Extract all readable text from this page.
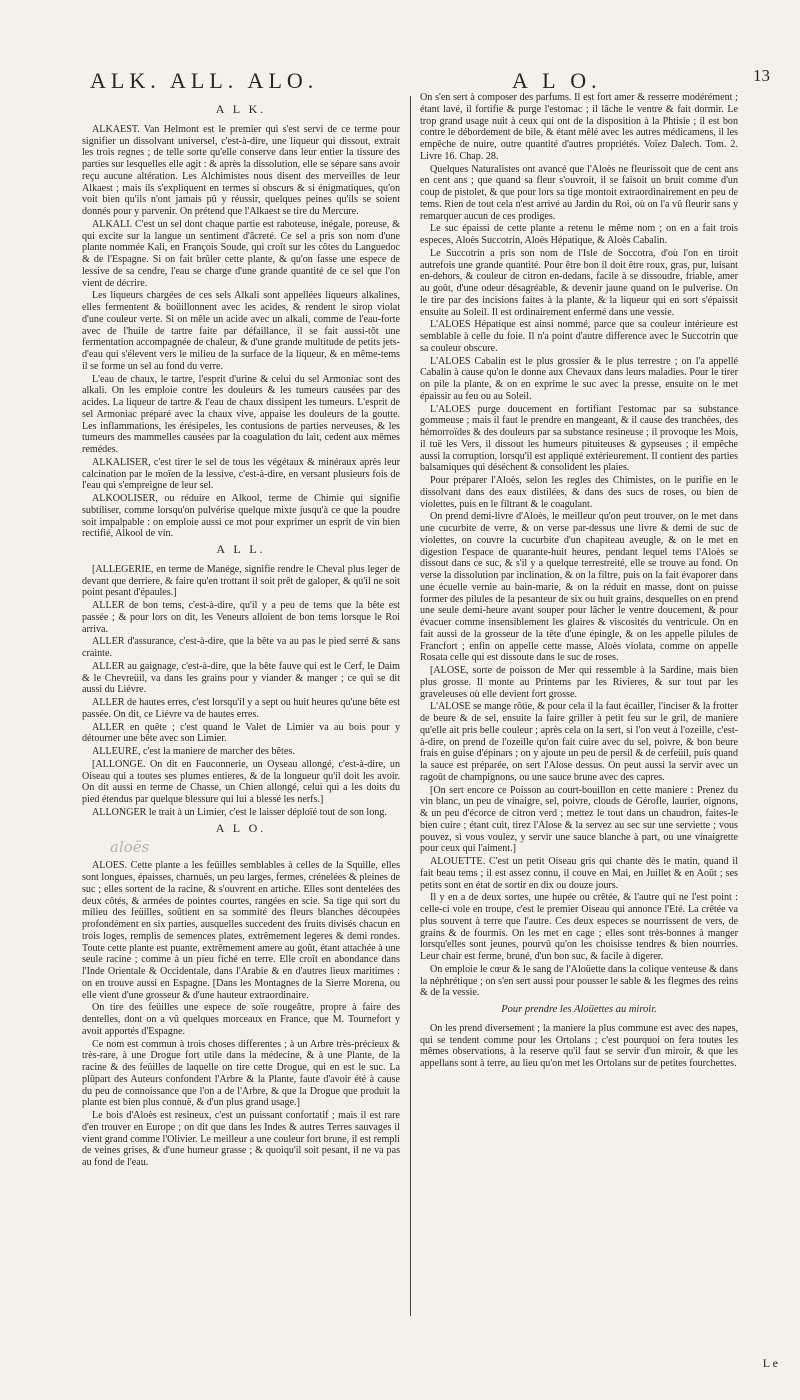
ALK. ALL. ALO.	A L O.	13
A L K.

ALKAEST. Van Helmont est le premier qui s'est servi de ce terme pour signifier un dissolvant universel, c'est-à-dire, une liqueur qui dissout, extrait les trois regnes ; de telle sorte qu'elle conserve dans leur entier la tissure des parties sur lesquelles elle agit : & après la dissolution, elle se sépare sans avoir reçu aucune altération. Les Alchimistes nous disent des merveilles de leur Alkaest ; mais ils s'expliquent en termes si obscurs & si énigmatiques, qu'on voit bien qu'ils n'ont jamais pû y réussir, quelques peines qu'ils se soient donnés pour y parvenir. On prétend que l'Alkaest se tire du Mercure.

ALKALI. C'est un sel dont chaque partie est raboteuse, inégale, poreuse, & qui excite sur la langue un sentiment d'âcreté. Ce sel a pris son nom d'une plante nommée Kali, en François Soude, qui croît sur les côtes du Languedoc & de l'Espagne. Si on fait brûler cette plante, & qu'on fasse une espece de lessive de sa cendre, l'eau se charge d'une grande quantité de ce sel que l'on vient de décrire.

Les liqueurs chargées de ces sels Alkali sont appellées liqueurs alkalines, elles fermentent & boüillonnent avec les acides, & rendent le sirop violat d'une couleur verte. Si on mêle un acide avec un alkali, comme de l'eau-forte avec de l'huile de tartre faite par défaillance, il se fait aussi-tôt une fermentation accompagnée de chaleur, & d'une grande multitude de petits jets-d'eau qui s'élevent vers le milieu de la surface de la liqueur, & en même-tems il se forme un sel au fond du verre.

L'eau de chaux, le tartre, l'esprit d'urine & celui du sel Armoniac sont des alkali. On les emploie contre les douleurs & les tumeurs causées par des acides. La liqueur de tartre & l'eau de chaux dissipent les tumeurs. L'esprit de sel Armoniac préparé avec la chaux vive, appaise les douleurs de la goutte. Les inflammations, les érésipeles, les contusions de parties nerveuses, & les tumeurs des mammelles causées par la coagulation du lait, cedent aux mêmes remédes.

ALKALISER, c'est tirer le sel de tous les végétaux & minéraux après leur calcination par le moïen de la lessive, c'est-à-dire, en versant plusieurs fois de l'eau qui s'empreigne de leur sel.

ALKOOLISER, ou réduire en Alkool, terme de Chimie qui signifie subtiliser, comme lorsqu'on pulvérise quelque mixte jusqu'à ce que la poudre soit impalpable : on emploie aussi ce mot pour exprimer un esprit de vin bien rectifié, Alkool de vin.

A L L.

[ALLEGERIE, en terme de Manége, signifie rendre le Cheval plus leger de devant que derriere, & faire qu'en trottant il soit prêt de galoper, & qu'il ne soit point pesant d'épaules.]

ALLER de bon tems, c'est-à-dire, qu'il y a peu de tems que la bête est passée ; & pour lors on dit, les Veneurs alloient de bon tems lorsque le Roi arriva.

ALLER d'assurance, c'est-à-dire, que la bête va au pas le pied serré & sans crainte.

ALLER au gaignage, c'est-à-dire, que la bête fauve qui est le Cerf, le Daim & le Chevreüil, va dans les grains pour y viander & manger ; ce qui se dit aussi du Liévre.

ALLER de hautes erres, c'est lorsqu'il y a sept ou huit heures qu'une bête est passée. On dit, ce Liévre va de hautes erres.

ALLER en quête ; c'est quand le Valet de Limier va au bois pour y détourner une bête avec son Limier.

ALLEURE, c'est la maniere de marcher des bêtes.

[ALLONGE. On dit en Fauconnerie, un Oyseau allongé, c'est-à-dire, un Oiseau qui a toutes ses plumes entieres, & de la longueur qu'il doit les avoir. On dit aussi en terme de Chasse, un Chien allongé, celui qui a les doits du pied étendus par quelque blessure qui lui a blessé les nerfs.]

ALLONGER le trait à un Limier, c'est le laisser déploïé tout de son long.

A L O.
aloës

ALOES. Cette plante a les feüilles semblables à celles de la Squille, elles sont longues, épaisses, charnuës, un peu larges, fermes, crénelées & pleines de suc ; elles sortent de la racine, & s'ouvrent en artiche. Elles sont dentelées des deux côtés, & armées de pointes courtes, rangées en scie. Sa tige qui sort du milieu des feüilles, soûtient en sa sommité des fleurs blanches découpées profondément en six parties, ausquelles succedent des fruits divisés chacun en trois loges, remplis de semences plates, extrêmement legeres & demi rondes. Toute cette plante est puante, extrêmement amere au goût, étant attachée à une seule racine ; comme à un pieu fiché en terre. Elle croît en abondance dans l'Inde Orientale & Occidentale, dans l'Arabie & en d'autres lieux maritimes : on en trouve aussi en Espagne. [Dans les Montagnes de la Sierre Morena, ou elle vient d'une grosseur & d'une hauteur extraordinaire.

On tire des feüilles une espece de soïe rougeâtre, propre à faire des dentelles, dont on a vû quelques morceaux en France, que M. Tournefort y avoit apportés d'Espagne.

Ce nom est commun à trois choses differentes ; à un Arbre très-précieux & très-rare, à une Drogue fort utile dans la médecine, & à une Plante, de la racine & des feüilles de laquelle on tire cette Drogue, qui en est le suc. La plûpart des Auteurs confondent l'Arbre & la Plante, faute d'avoir été à cause du peu de connoissance que l'on a de l'Arbre, & que la Drogue que produit la plante est bien plus connuë, & d'un plus grand usage.]

Le bois d'Aloès est resineux, c'est un puissant confortatif ; mais il est rare d'en trouver en Europe ; on dit que dans les Indes & autres Terres sauvages il vient grand comme l'Olivier. Le meilleur a une couleur fort brune, il est rempli de veines grises, & d'une humeur grasse ; & quoiqu'il soit pesant, il ne va pas au fond de l'eau.

On s'en sert à composer des parfums. Il est fort amer & resserre modérément ; étant lavé, il fortifie & purge l'estomac ; il lâche le ventre & fait dormir. Le trop grand usage nuit à ceux qui ont de la disposition à la Phtisie ; il est bon contre le débordement de bile, & étant mêlé avec les autres médicamens, il les empêche de nuire, outre quantité d'autres propriétés. Voïez Dalech. Tom. 2. Livre 16. Chap. 28.

Quelques Naturalistes ont avancé que l'Aloès ne fleurissoit que de cent ans en cent ans ; que quand sa fleur s'ouvroit, il se faisoit un bruit comme d'un coup de pistolet, & que pour lors sa tige montoit extraordinairement en peu de tems. Rien de tout cela n'est arrivé au Jardin du Roi, où on l'a vû fleurir sans y remarquer aucun de ces prodiges.

Le suc épaissi de cette plante a retenu le même nom ; on en a fait trois especes, Aloès Succotrin, Aloès Hépatique, & Aloès Cabalin.

Le Succotrin a pris son nom de l'Isle de Soccotra, d'où l'on en tiroit autrefois une grande quantité. Pour être bon il doit être roux, gras, pur, luisant en-dehors, & couleur de citron en-dedans, facile à se dissoudre, friable, amer au goût, d'une odeur désagréable, & devenir jaune quand on le pulverise. On le tire par des incisions faites à la plante, & la liqueur qui en sort s'épaissit ensuite au Soleil. Il est ordinairement enfermé dans une vessie.

L'ALOES Hépatique est ainsi nommé, parce que sa couleur intérieure est semblable à celle du foie. Il n'a point d'autre difference avec le Succotrin que sa couleur obscure.

L'ALOES Cabalin est le plus grossier & le plus terrestre ; on l'a appellé Cabalin à cause qu'on le donne aux Chevaux dans leurs maladies. Pour le tirer on pile la plante, & on en exprime le suc avec la presse, ensuite on le met épaissir au feu ou au Soleil.

L'ALOES purge doucement en fortifiant l'estomac par sa substance gommeuse ; mais il faut le prendre en mangeant, & il cause des tranchées, des hémorroïdes & des douleurs par sa substance resineuse ; il provoque les Mois, il tuë les Vers, il dissout les humeurs pituiteuses & gypseuses ; il empêche aussi la corruption, lorsqu'il est appliqué extérieurement. Il contient des parties balsamiques qui déséchent & consolident les plaies.

Pour préparer l'Aloès, selon les regles des Chimistes, on le purifie en le dissolvant dans des eaux distilées, & dans des sucs de roses, ou bien de violettes, puis en le filtrant & le coagulant.

On prend demi-livre d'Aloès, le meilleur qu'on peut trouver, on le met dans une cucurbite de verre, & on verse par-dessus une livre & demi de suc de violettes, on couvre la cucurbite d'un chapiteau aveugle, & on le met en digestion l'espace de quarante-huit heures, pendant lequel tems l'Aloès se dissout dans ce suc, & s'il y a quelque terrestreité, elle se trouve au fond. On verse la dissolution par inclination, & on la filtre, puis on la fait évaporer dans une écuelle vernie au bain-marie, & on la réduit en masse, dont on puisse former des pilules de la pesanteur de six ou huit grains, desquelles on en prend une seule demi-heure avant souper pour lâcher le ventre doucement, & pour évacuer comme insensiblement les glaires & viscosités du ventricule. On en fait aussi de la grosseur de la tête d'une épingle, & on les appelle pilules de Francfort ; enfin on appelle cette masse, Aloès violata, comme on appelle Rosata celle qui est dissoute dans le suc de roses.

[ALOSE, sorte de poisson de Mer qui ressemble à la Sardine, mais bien plus grosse. Il monte au Printems par les Rivieres, & sur tout par les graveleuses où elle devient fort grosse.

L'ALOSE se mange rôtie, & pour cela il la faut écailler, l'inciser & la frotter de beure & de sel, ensuite la faire griller à petit feu sur le gril, de maniere qu'elle ait pris belle couleur ; après cela on la sert, si l'on veut à l'ozeille, c'est-à-dire, on prend de l'ozeille qu'on fait cuire avec du sel, poivre, & bon beure frais en guise d'épinars ; on y ajoute un peu de persil & de cerfeüil, puis quand la sauce est préparée, on sert l'Alose dessus. On peut aussi la servir avec un ragoût de champignons, ou une sauce brune avec des capres.

[On sert encore ce Poisson au court-bouillon en cette maniere : Prenez du vin blanc, un peu de vinaigre, sel, poivre, clouds de Gérofle, laurier, oignons, & un peu d'écorce de citron verd ; mettez le tout dans un chaudron, faites-le bien cuire ; étant cuit, tirez l'Alose & la servez au sec sur une serviette ; vous pouvez, si vous voulez, y servir une sauce blanche à part, ou une vinaigrette pour ceux qui l'aiment.]

ALOUETTE. C'est un petit Oiseau gris qui chante dès le matin, quand il fait beau tems ; il est assez connu, il couve en Mai, en Juillet & en Août ; ses petits sont en état de sortir en dix ou douze jours.

Il y en a de deux sortes, une hupée ou crêtée, & l'autre qui ne l'est point : celle-ci vole en troupe, c'est le premier Oiseau qui annonce l'Eté. La crêtée va plus souvent à terre que l'autre. Ces deux especes se nourrissent de vers, de grains & de fourmis. On les met en cage ; elles sont très-bonnes à manger lorsqu'elles sont jeunes, pourvû qu'on les choisisse tendres & bien nourries. Leur chair est ferme, bruné, d'un bon suc, & facile à digerer.

On emploie le cœur & le sang de l'Aloüette dans la colique venteuse & dans la néphrétique ; on s'en sert aussi pour pousser le sable & les flegmes des reins & de la vessie.

Pour prendre les Aloüettes au miroir.

On les prend diversement ; la maniere la plus commune est avec des napes, qui se tendent comme pour les Ortolans ; c'est pourquoi on fera toutes les mêmes observations, à la reserve qu'il faut se servir d'un miroir, & que les appellans sont à terre, au lieu qu'on met les Ortolans sur de petites fourchettes.

L e
